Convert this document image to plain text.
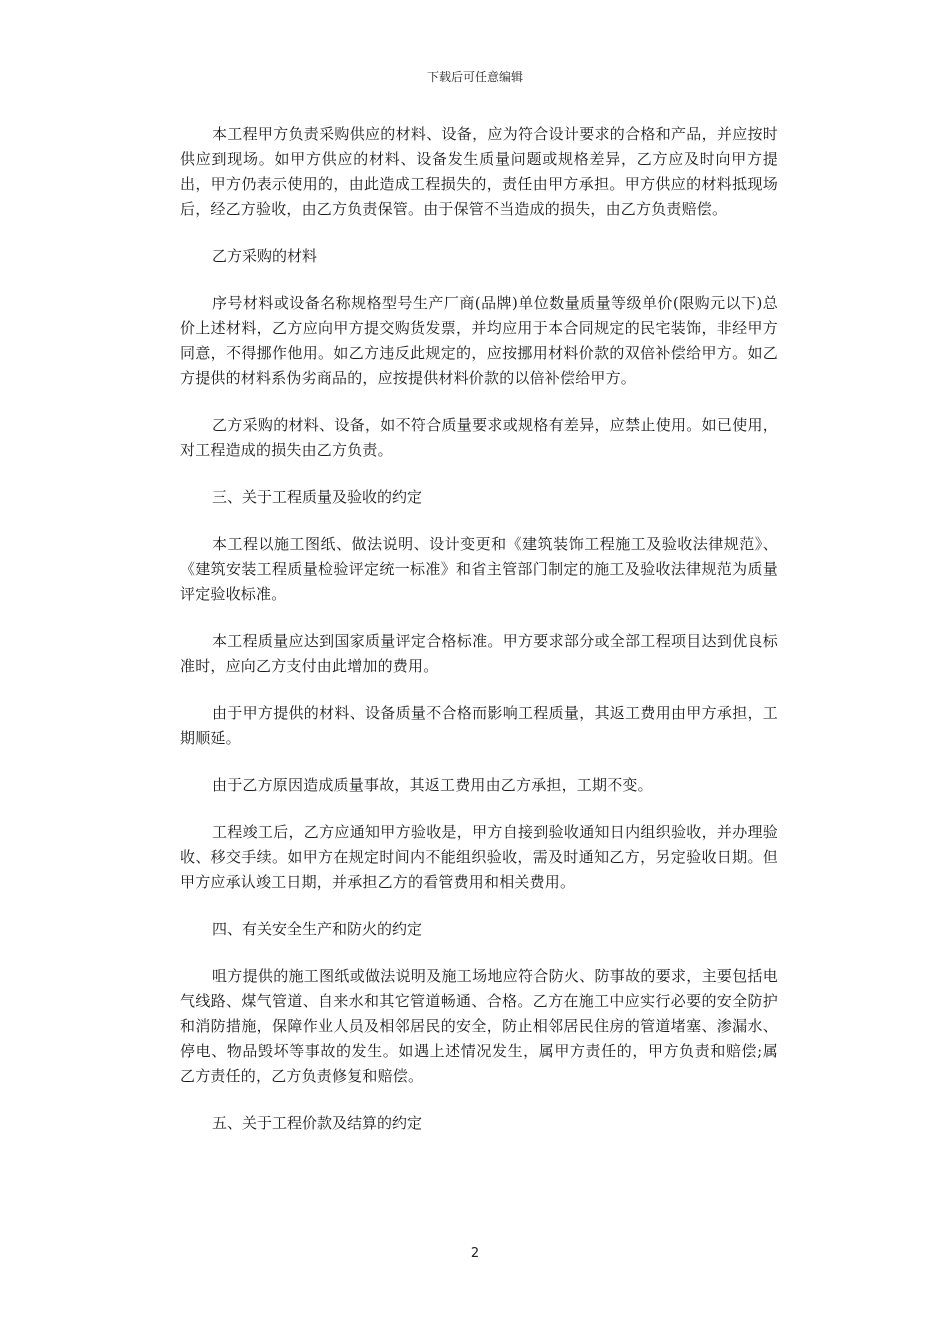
下载后可任意编辑

本工程甲方负责采购供应的材料、设备，应为符合设计要求的合格和产品，并应按时供应到现场。如甲方供应的材料、设备发生质量问题或规格差异，乙方应及时向甲方提出，甲方仍表示使用的，由此造成工程损失的，责任由甲方承担。甲方供应的材料抵现场后，经乙方验收，由乙方负责保管。由于保管不当造成的损失，由乙方负责赔偿。

乙方采购的材料

序号材料或设备名称规格型号生产厂商(品牌)单位数量质量等级单价(限购元以下)总价上述材料，乙方应向甲方提交购货发票，并均应用于本合同规定的民宅装饰，非经甲方同意，不得挪作他用。如乙方违反此规定的，应按挪用材料价款的双倍补偿给甲方。如乙方提供的材料系伪劣商品的，应按提供材料价款的以倍补偿给甲方。

乙方采购的材料、设备，如不符合质量要求或规格有差异，应禁止使用。如已使用，对工程造成的损失由乙方负责。

三、关于工程质量及验收的约定

本工程以施工图纸、做法说明、设计变更和《建筑装饰工程施工及验收法律规范》、《建筑安装工程质量检验评定统一标准》和省主管部门制定的施工及验收法律规范为质量评定验收标准。

本工程质量应达到国家质量评定合格标准。甲方要求部分或全部工程项目达到优良标准时，应向乙方支付由此增加的费用。

由于甲方提供的材料、设备质量不合格而影响工程质量，其返工费用由甲方承担，工期顺延。

由于乙方原因造成质量事故，其返工费用由乙方承担，工期不变。

工程竣工后，乙方应通知甲方验收是，甲方自接到验收通知日内组织验收，并办理验收、移交手续。如甲方在规定时间内不能组织验收，需及时通知乙方，另定验收日期。但甲方应承认竣工日期，并承担乙方的看管费用和相关费用。

四、有关安全生产和防火的约定

咀方提供的施工图纸或做法说明及施工场地应符合防火、防事故的要求，主要包括电气线路、煤气管道、自来水和其它管道畅通、合格。乙方在施工中应实行必要的安全防护和消防措施，保障作业人员及相邻居民的安全，防止相邻居民住房的管道堵塞、渗漏水、停电、物品毁坏等事故的发生。如遇上述情况发生，属甲方责任的，甲方负责和赔偿;属乙方责任的，乙方负责修复和赔偿。

五、关于工程价款及结算的约定

2
